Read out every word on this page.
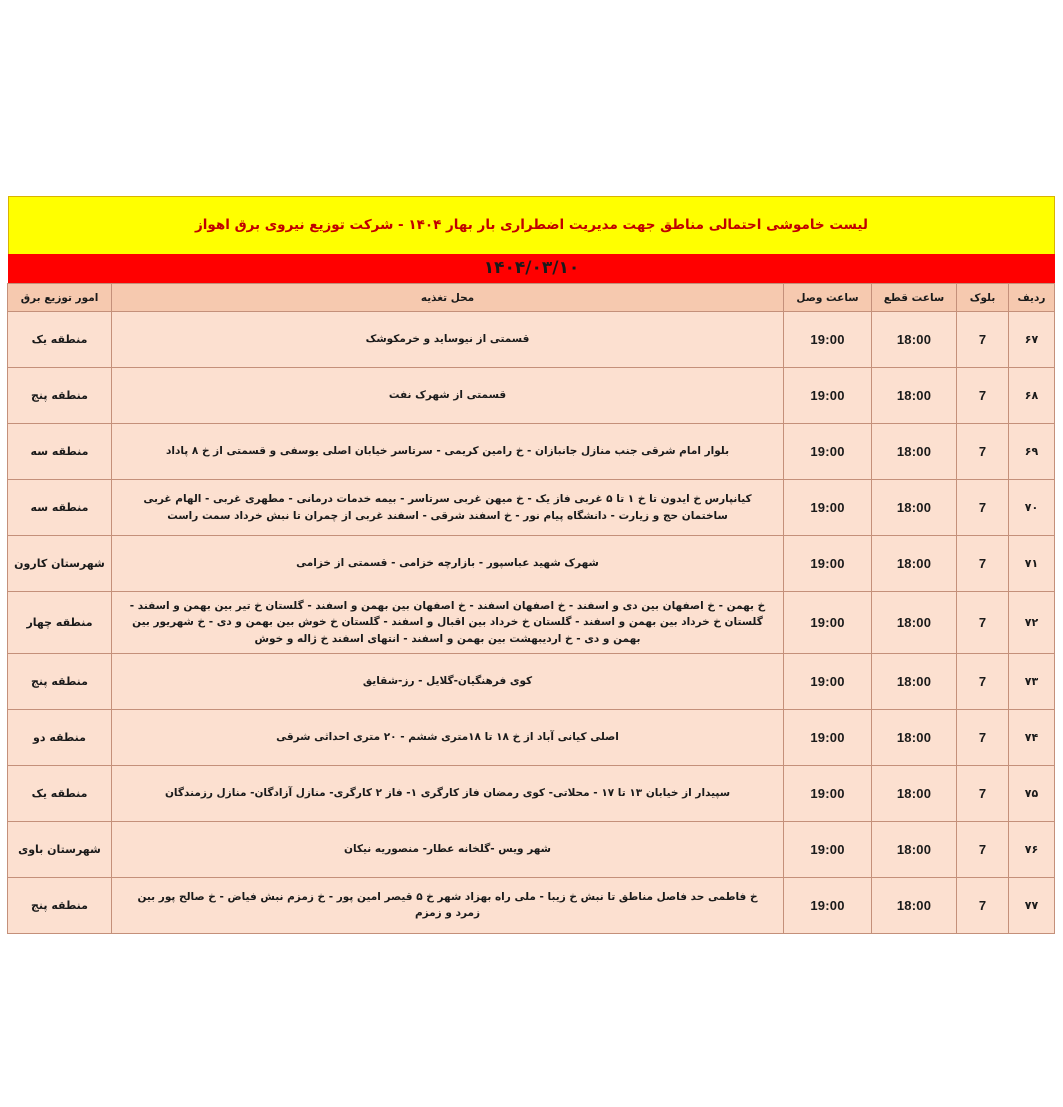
لیست خاموشی احتمالی مناطق جهت مدیریت اضطراری بار بهار ۱۴۰۴ - شرکت توزیع نیروی برق اهواز
۱۴۰۴/۰۳/۱۰
ردیف	بلوک	ساعت قطع	ساعت وصل	محل تغذیه	امور توزیع برق
۶۷	7	18:00	19:00	قسمتی از نیوساید و خرمکوشک	منطقه یک
۶۸	7	18:00	19:00	قسمتی از شهرک نفت	منطقه پنج
۶۹	7	18:00	19:00	بلوار امام شرقی جنب منازل جانبازان - خ رامین کریمی - سرتاسر خیابان اصلی یوسفی و قسمتی از خ ۸ پاداد	منطقه سه
۷۰	7	18:00	19:00	کیانپارس خ ایدون تا خ ۱ تا ۵ غربی فاز یک - خ میهن غربی سرتاسر - بیمه خدمات درمانی - مطهری غربی - الهام غربی ساختمان حج و زیارت - دانشگاه پیام نور - خ اسفند شرقی - اسفند غربی از چمران تا نبش خرداد سمت راست	منطقه سه
۷۱	7	18:00	19:00	شهرک شهید عباسپور - بازارچه خزامی - قسمتی از خزامی	شهرستان کارون
۷۲	7	18:00	19:00	خ بهمن - خ اصفهان بین دی و اسفند - خ اصفهان اسفند - خ اصفهان بین بهمن و اسفند - گلستان خ تیر بین بهمن و اسفند - گلستان خ خرداد بین بهمن و اسفند - گلستان خ خرداد بین اقبال و اسفند - گلستان خ خوش بین بهمن و دی - خ شهریور بین بهمن و دی - خ اردیبهشت بین بهمن و اسفند - انتهای اسفند خ ژاله و خوش	منطقه چهار
۷۳	7	18:00	19:00	کوی فرهنگیان-گلایل - رز-شقایق	منطقه پنج
۷۴	7	18:00	19:00	اصلی کیانی آباد از خ ۱۸ تا ۱۸متری ششم - ۲۰ متری احداثی شرقی	منطقه دو
۷۵	7	18:00	19:00	سپیدار از خیابان ۱۳ تا ۱۷ - محلاتی- کوی رمضان فاز کارگری ۱- فاز ۲ کارگری- منازل آزادگان- منازل رزمندگان	منطقه یک
۷۶	7	18:00	19:00	شهر ویس -گلخانه عطار- منصوریه نیکان	شهرستان باوی
۷۷	7	18:00	19:00	خ فاطمی حد فاصل مناطق تا نبش خ زیبا - ملی راه بهزاد شهر خ ۵ قیصر امین پور - خ زمزم نبش فیاض - خ صالح پور بین زمرد و زمزم	منطقه پنج
